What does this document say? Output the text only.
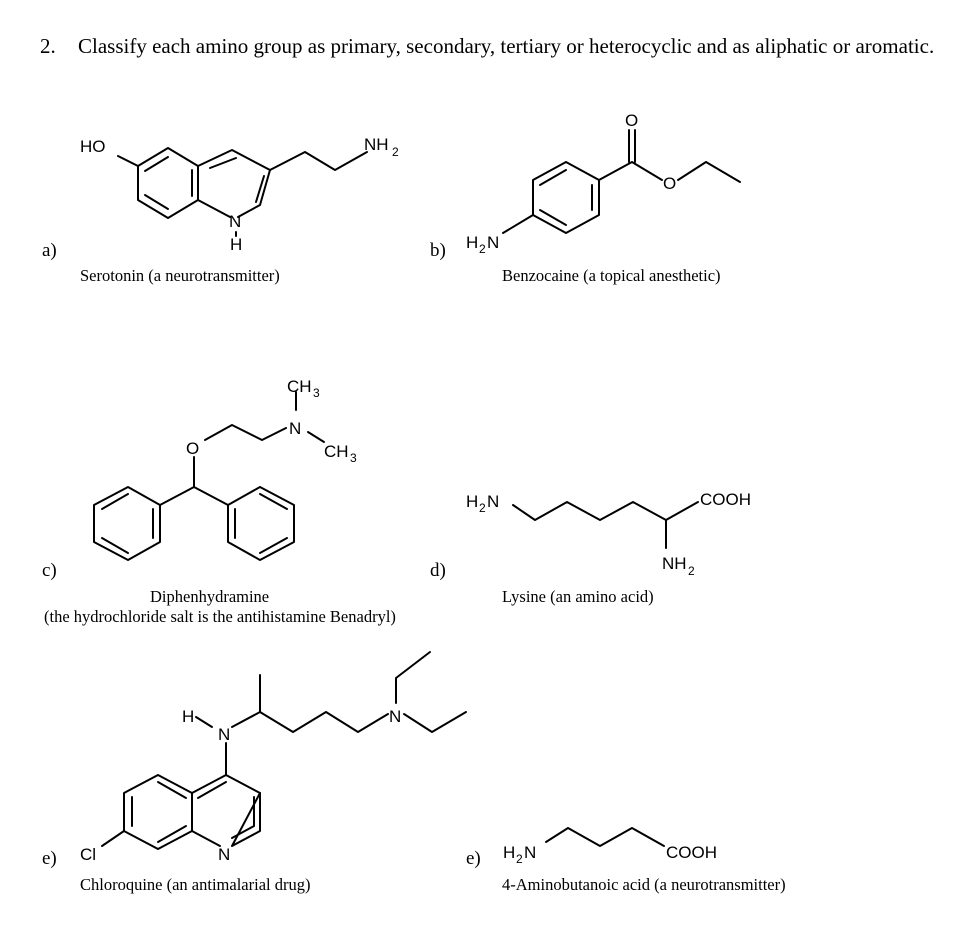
2. Classify each amino group as primary, secondary, tertiary or heterocyclic and as aliphatic or aromatic.
a)	b)
c)	d)
e)	e)
Serotonin (a neurotransmitter)	Benzocaine (a topical anesthetic)
Diphenhydramine
(the hydrochloride salt is the antihistamine Benadryl)
Lysine (an amino acid)
Chloroquine (an antimalarial drug)	4-Aminobutanoic acid (a neurotransmitter)
HO	NH 2
N
H
O
O
H 2 N
O
N
CH 3
CH 3
H 2 N	COOH
NH 2
H
N
N
N
Cl	H 2 N	COOH
